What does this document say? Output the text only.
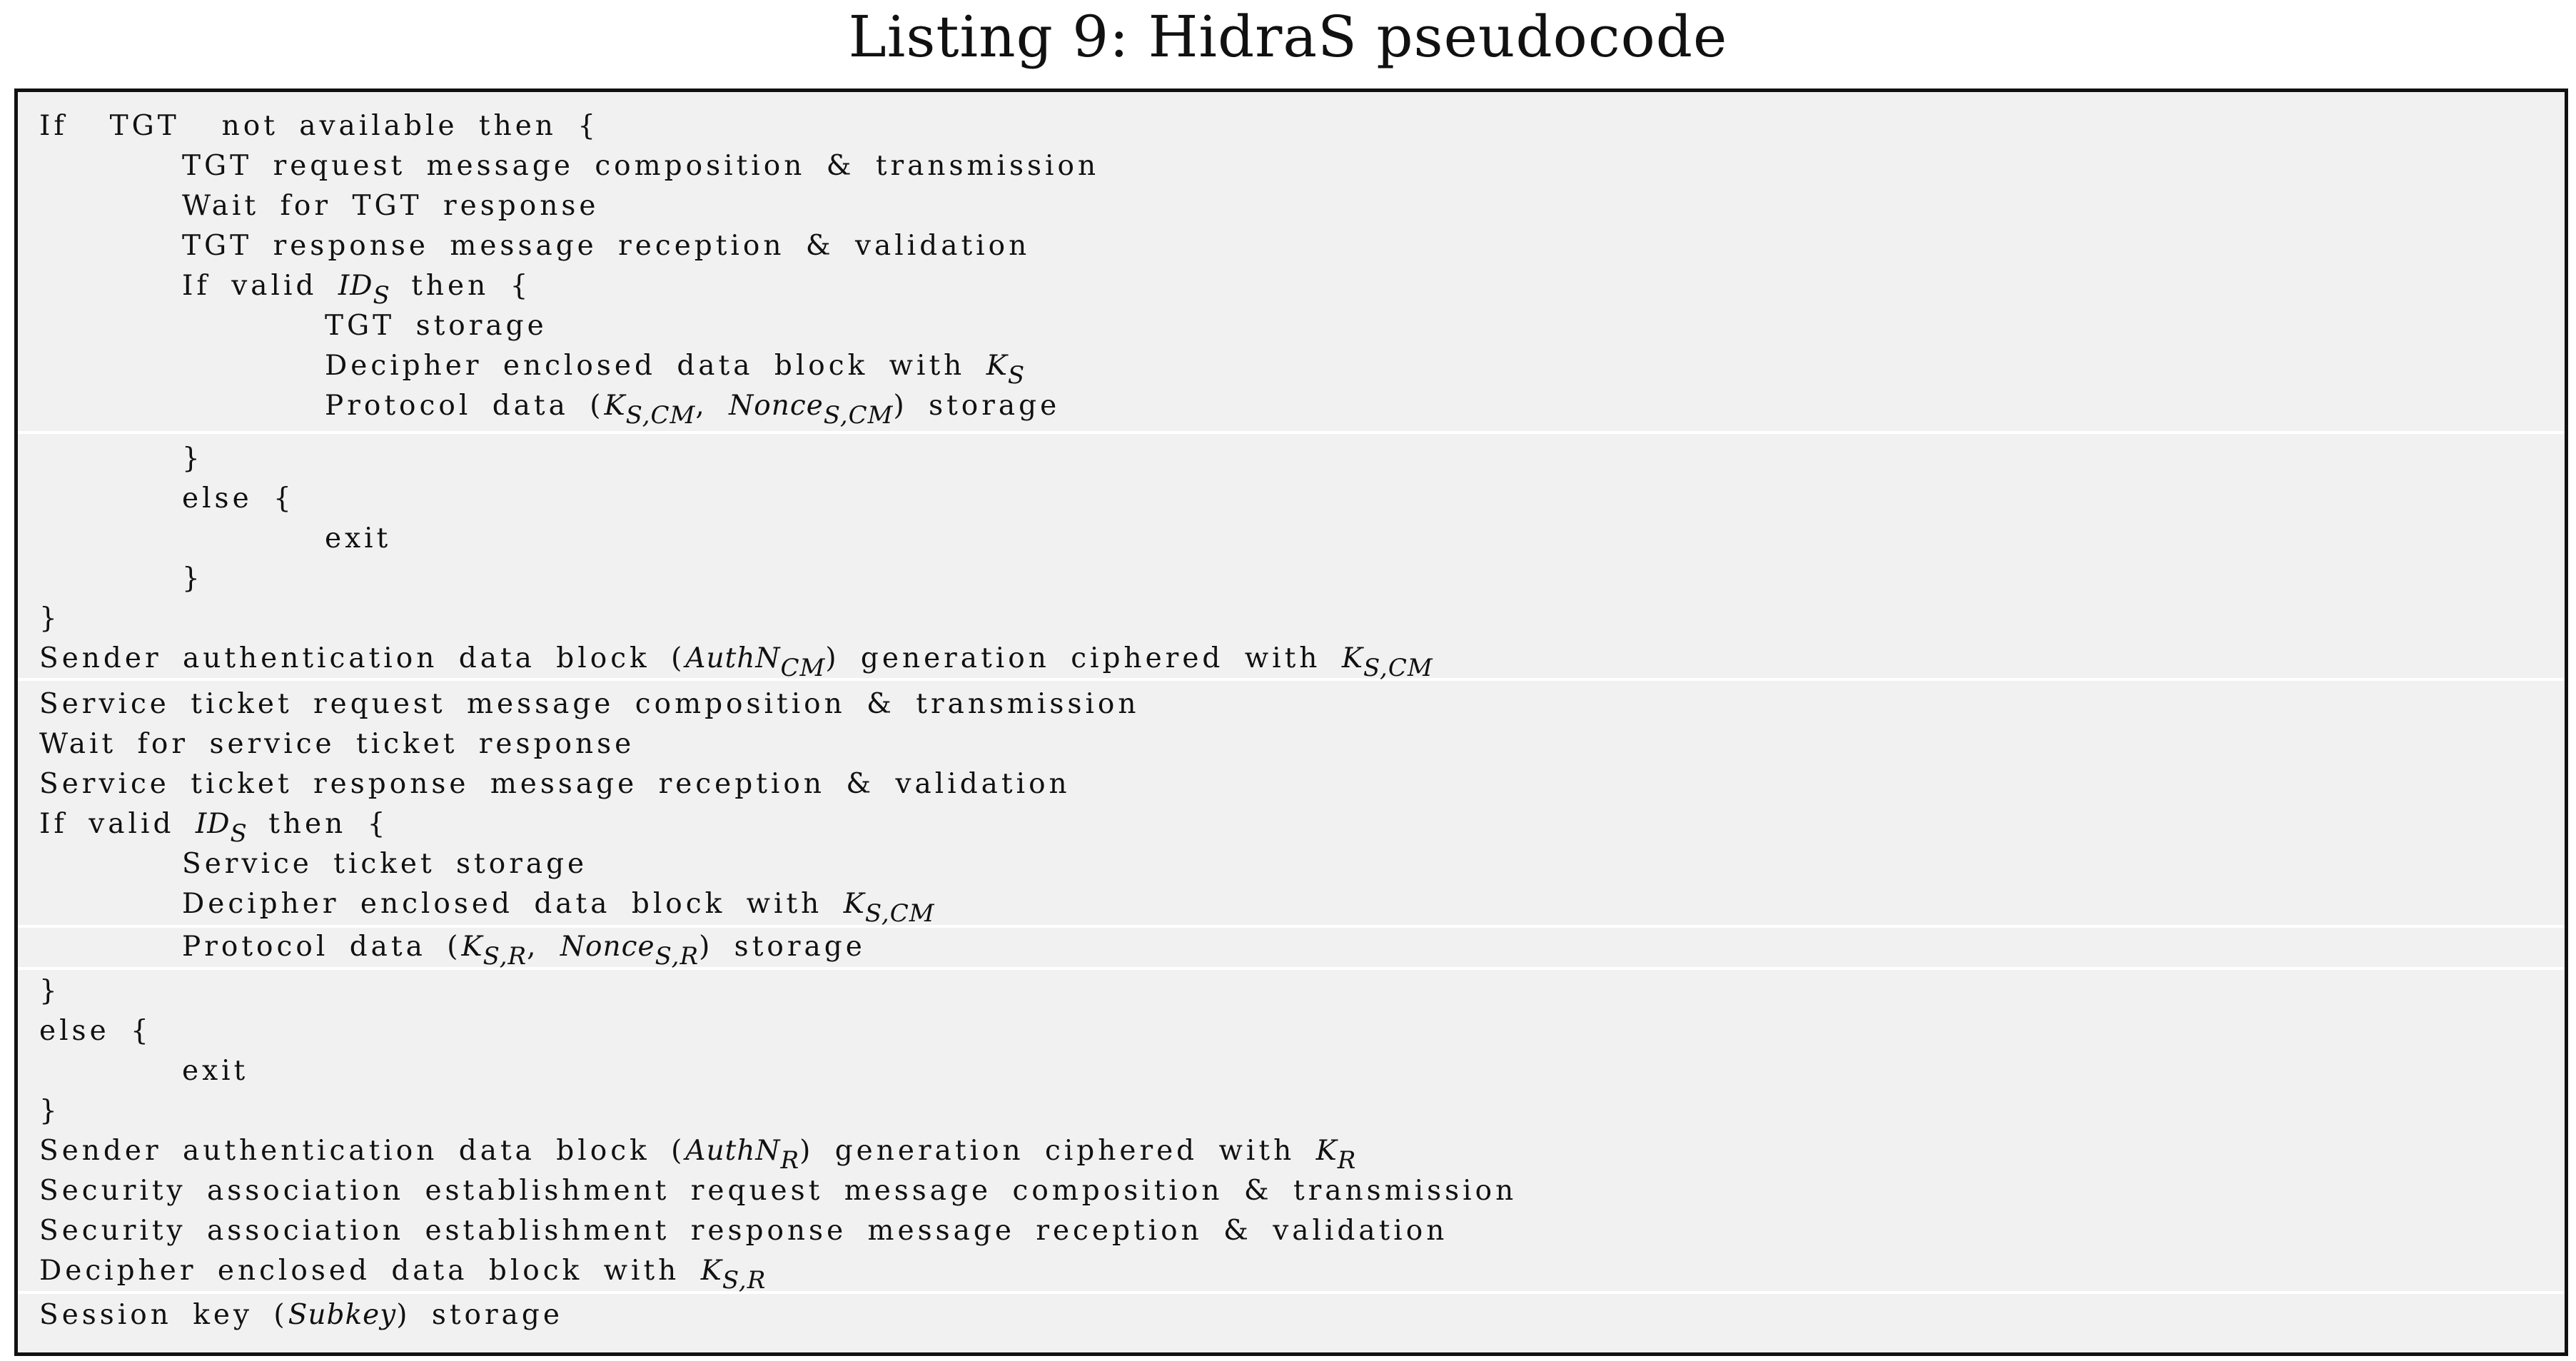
Listing 9: HidraS pseudocode
If  TGT  not available then {
TGT request message composition & transmission
Wait for TGT response
TGT response message reception & validation
If valid $ID_S$ then {
TGT storage
Decipher enclosed data block with $K_S$
Protocol data ($K_{S,CM}$, Nonce$_{S,CM}$) storage
}
else {
exit
}
}
Sender authentication data block (AuthN$_{CM}$) generation ciphered with $K_{S,CM}$
Service ticket request message composition & transmission
Wait for service ticket response
Service ticket response message reception & validation
If valid $ID_S$ then {
Service ticket storage
Decipher enclosed data block with $K_{S,CM}$
Protocol data ($K_{S,R}$, Nonce$_{S,R}$) storage
}
else {
exit
}
Sender authentication data block (AuthN$_R$) generation ciphered with $K_R$
Security association establishment request message composition & transmission
Security association establishment response message reception & validation
Decipher enclosed data block with $K_{S,R}$
Session key (Subkey) storage
